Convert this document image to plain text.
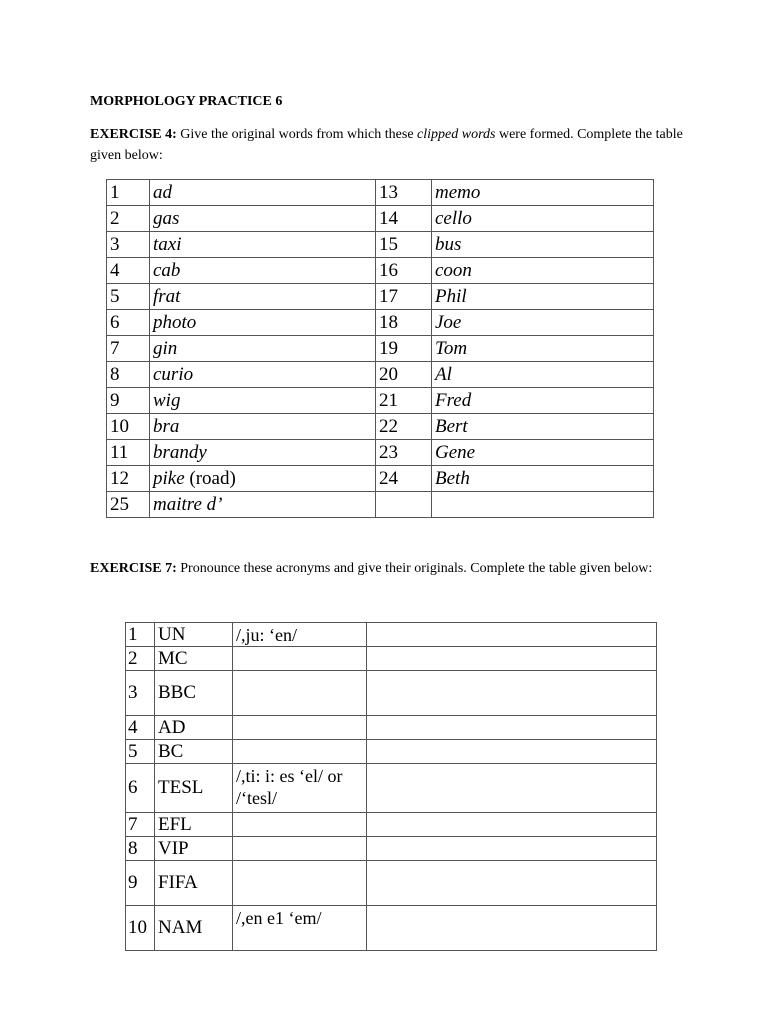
MORPHOLOGY PRACTICE 6
EXERCISE 4: Give the original words from which these clipped words were formed. Complete the table given below:
1	ad	13	memo
2	gas	14	cello
3	taxi	15	bus
4	cab	16	coon
5	frat	17	Phil
6	photo	18	Joe
7	gin	19	Tom
8	curio	20	Al
9	wig	21	Fred
10	bra	22	Bert
11	brandy	23	Gene
12	pike (road)	24	Beth
25	maitre d’		
EXERCISE 7: Pronounce these acronyms and give their originals. Complete the table given below:
1	UN	/,ju: ‘en/	

2	MC	

3	BBC	

4	AD	

5	BC	

6	TESL	/,ti: i: es ‘el/ or
/‘tesl/	

7	EFL	

8	VIP	

9	FIFA	

10	NAM	/,en e1 ‘em/	
